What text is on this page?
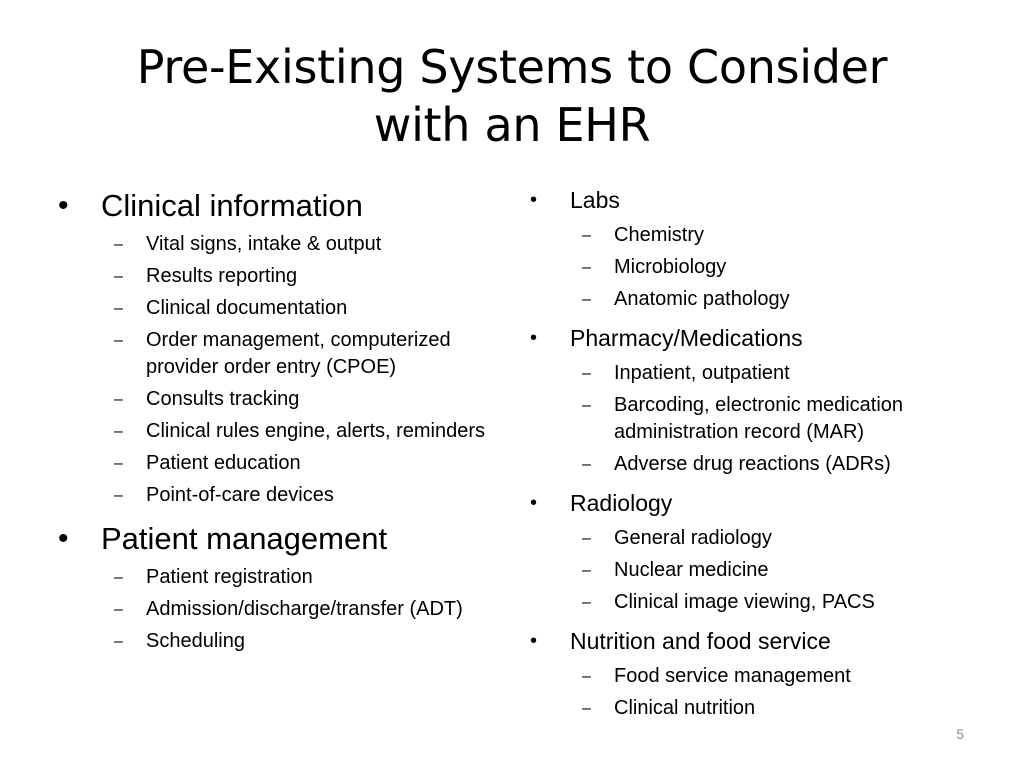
Pre-Existing Systems to Consider
with an EHR
• Clinical information
– Vital signs, intake & output
– Results reporting
– Clinical documentation
– Order management, computerized provider order entry (CPOE)
– Consults tracking
– Clinical rules engine, alerts, reminders
– Patient education
– Point-of-care devices
• Patient management
– Patient registration
– Admission/discharge/transfer (ADT)
– Scheduling
• Labs
– Chemistry
– Microbiology
– Anatomic pathology
• Pharmacy/Medications
– Inpatient, outpatient
– Barcoding, electronic medication administration record (MAR)
– Adverse drug reactions (ADRs)
• Radiology
– General radiology
– Nuclear medicine
– Clinical image viewing, PACS
• Nutrition and food service
– Food service management
– Clinical nutrition
5
